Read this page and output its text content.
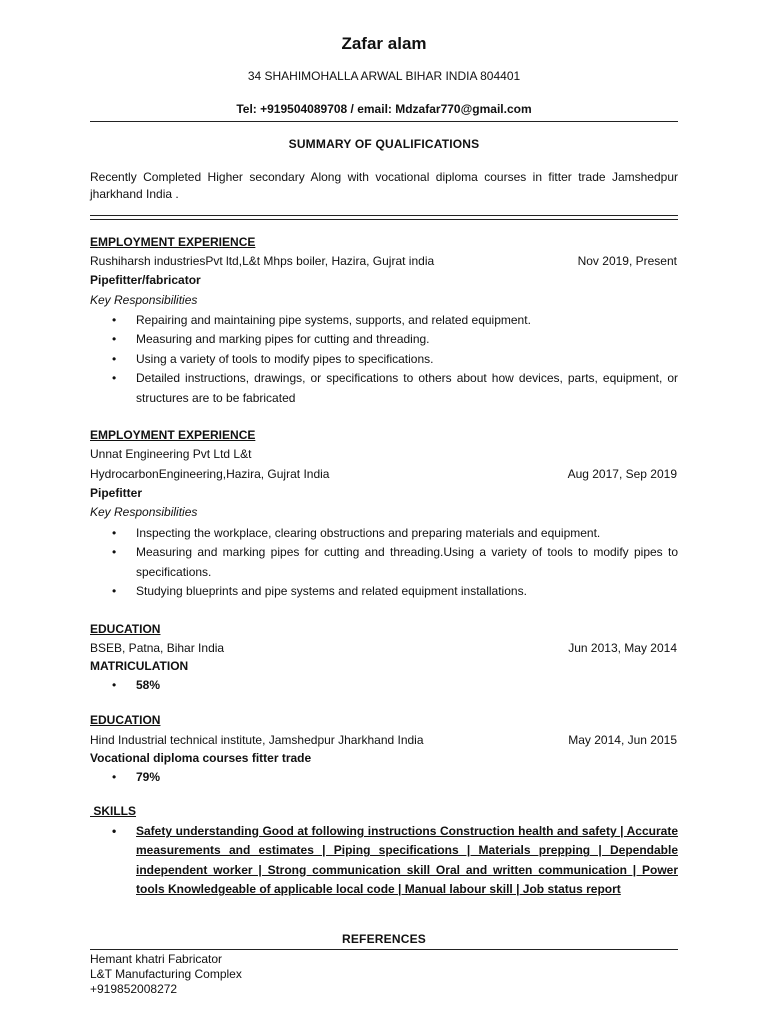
Zafar alam
34 SHAHIMOHALLA ARWAL BIHAR INDIA 804401
Tel: +919504089708 / email: Mdzafar770@gmail.com
SUMMARY OF QUALIFICATIONS
Recently Completed Higher secondary Along with vocational diploma courses in fitter trade Jamshedpur jharkhand India .
EMPLOYMENT EXPERIENCE
Rushiharsh industriesPvt ltd,L&t Mhps boiler, Hazira, Gujrat india	Nov 2019, Present
Pipefitter/fabricator
Key Responsibilities
• Repairing and maintaining pipe systems, supports, and related equipment.
• Measuring and marking pipes for cutting and threading.
• Using a variety of tools to modify pipes to specifications.
• Detailed instructions, drawings, or specifications to others about how devices, parts, equipment, or structures are to be fabricated
EMPLOYMENT EXPERIENCE
Unnat Engineering Pvt Ltd L&t
HydrocarbonEngineering,Hazira, Gujrat India	Aug 2017, Sep 2019
Pipefitter
Key Responsibilities
• Inspecting the workplace, clearing obstructions and preparing materials and equipment.
• Measuring and marking pipes for cutting and threading.Using a variety of tools to modify pipes to specifications.
• Studying blueprints and pipe systems and related equipment installations.
EDUCATION
BSEB, Patna, Bihar India	Jun 2013, May 2014
MATRICULATION
• 58%
EDUCATION
Hind Industrial technical institute, Jamshedpur Jharkhand India	May 2014, Jun 2015
Vocational diploma courses fitter trade
• 79%
SKILLS
• Safety understanding Good at following instructions Construction health and safety | Accurate measurements and estimates | Piping specifications | Materials prepping | Dependable independent worker | Strong communication skill Oral and written communication | Power tools Knowledgeable of applicable local code | Manual labour skill | Job status report
REFERENCES
Hemant khatri Fabricator
L&T Manufacturing Complex
+919852008272
